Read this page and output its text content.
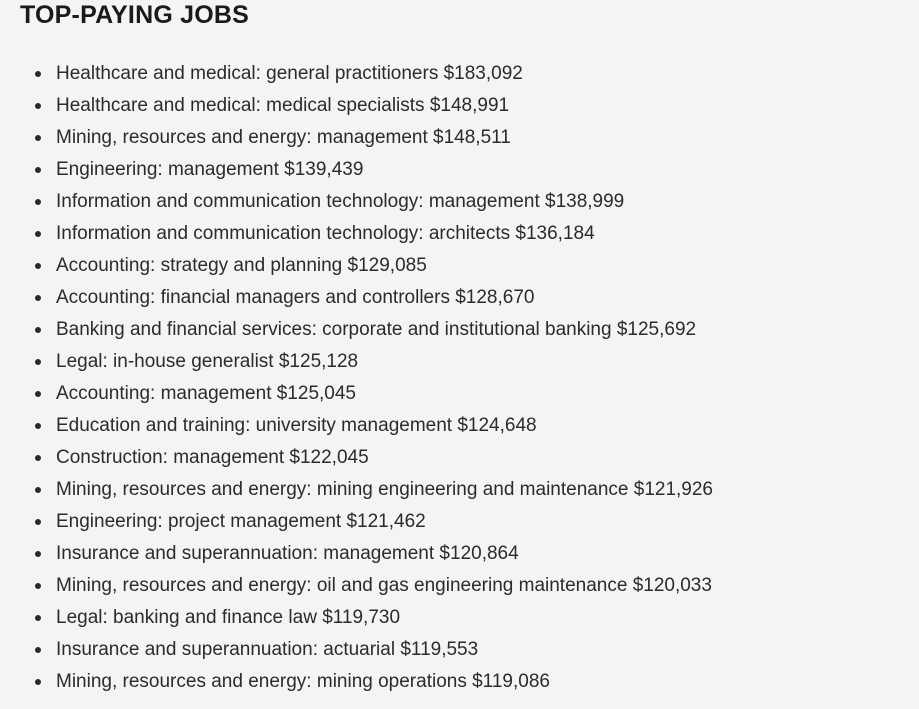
TOP-PAYING JOBS
Healthcare and medical: general practitioners $183,092
Healthcare and medical: medical specialists $148,991
Mining, resources and energy: management $148,511
Engineering: management $139,439
Information and communication technology: management $138,999
Information and communication technology: architects $136,184
Accounting: strategy and planning $129,085
Accounting: financial managers and controllers $128,670
Banking and financial services: corporate and institutional banking $125,692
Legal: in-house generalist $125,128
Accounting: management $125,045
Education and training: university management $124,648
Construction: management $122,045
Mining, resources and energy: mining engineering and maintenance $121,926
Engineering: project management $121,462
Insurance and superannuation: management $120,864
Mining, resources and energy: oil and gas engineering maintenance $120,033
Legal: banking and finance law $119,730
Insurance and superannuation: actuarial $119,553
Mining, resources and energy: mining operations $119,086
